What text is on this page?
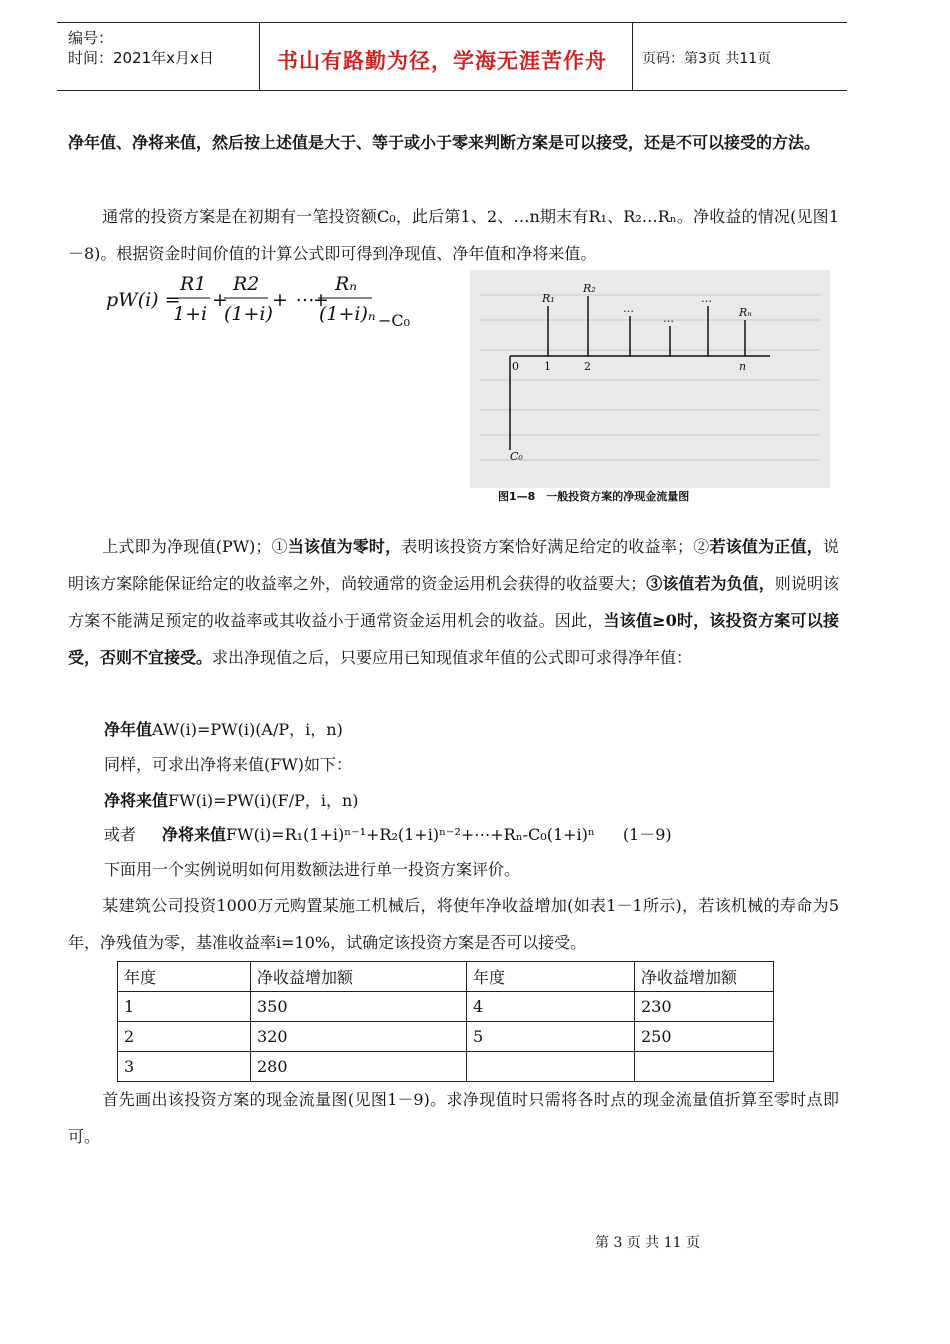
编号：
时间：2021年x月x日	书山有路勤为径，学海无涯苦作舟	页码：第3页 共11页
净年值、净将来值，然后按上述值是大于、等于或小于零来判断方案是可以接受，还是不可以接受的方法。
通常的投资方案是在初期有一笔投资额C₀，此后第1、2、…n期末有R₁、R₂…Rₙ。净收益的情况(见图1－8)。根据资金时间价值的计算公式即可得到净现值、净年值和净将来值。
pW(i) =
R1
1+i
+
R2
(1+i)
+ ⋯+
Rₙ
(1+i)ₙ −C₀
R₁
R₂
…
…
…
Rₙ
0 1	2	n
C₀
图1—8　一般投资方案的净现金流量图
上式即为净现值(PW)；①当该值为零时，表明该投资方案恰好满足给定的收益率；②若该值为正值，说明该方案除能保证给定的收益率之外，尚较通常的资金运用机会获得的收益要大；③该值若为负值，则说明该方案不能满足预定的收益率或其收益小于通常资金运用机会的收益。因此，当该值≥0时，该投资方案可以接受，否则不宜接受。求出净现值之后，只要应用已知现值求年值的公式即可求得净年值：
净年值AW(i)=PW(i)(A/P，i，n)
同样，可求出净将来值(FW)如下：
净将来值FW(i)=PW(i)(F/P，i，n)
或者 净将来值FW(i)=R₁(1+i)ⁿ⁻¹+R₂(1+i)ⁿ⁻²+⋯+Rₙ-C₀(1+i)ⁿ (1－9)
下面用一个实例说明如何用数额法进行单一投资方案评价。
某建筑公司投资1000万元购置某施工机械后，将使年净收益增加(如表1－1所示)，若该机械的寿命为5年，净残值为零，基准收益率i=10%，试确定该投资方案是否可以接受。
年度	净收益增加额	年度	净收益增加额
1	350	4	230
2	320	5	250
3	280		
首先画出该投资方案的现金流量图(见图1－9)。求净现值时只需将各时点的现金流量值折算至零时点即可。
第 3 页 共 11 页
